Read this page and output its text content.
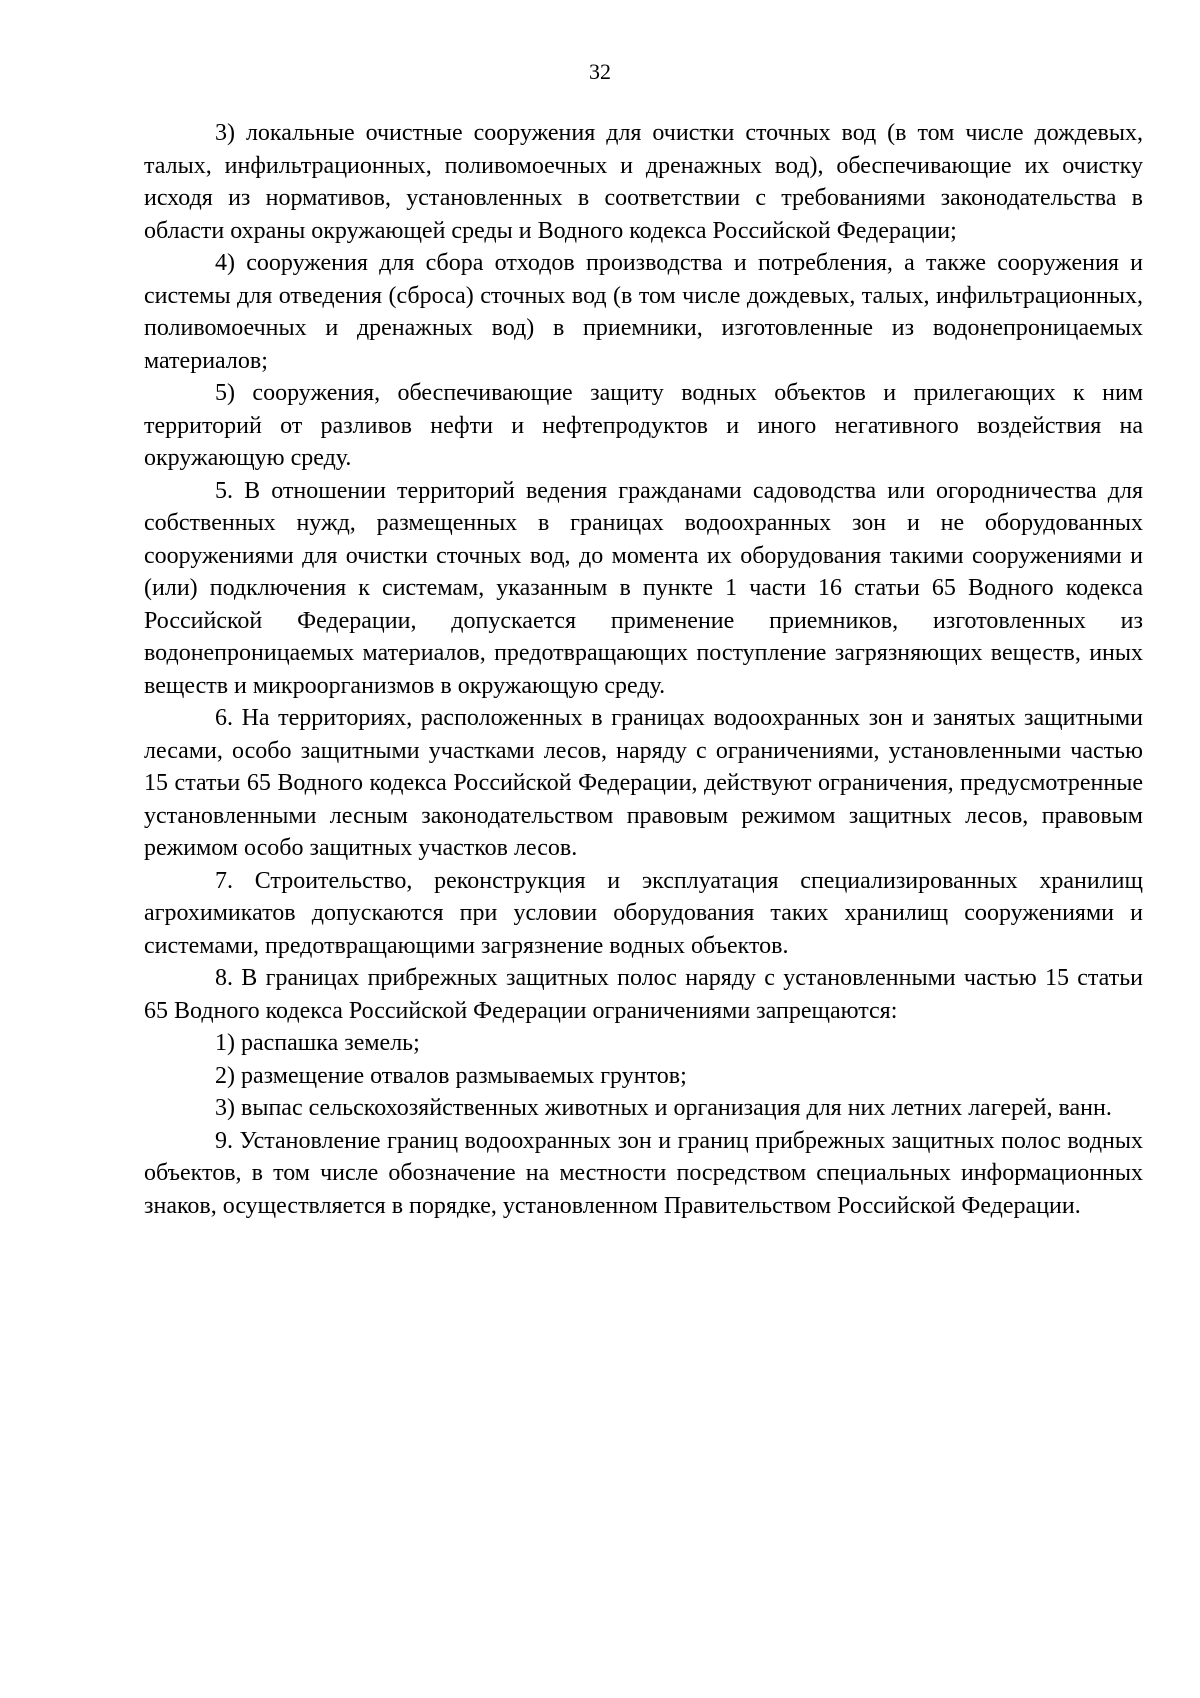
32

3) локальные очистные сооружения для очистки сточных вод (в том числе дождевых, талых, инфильтрационных, поливомоечных и дренажных вод), обеспечивающие их очистку исходя из нормативов, установленных в соответствии с требованиями законодательства в области охраны окружающей среды и Водного кодекса Российской Федерации;

4) сооружения для сбора отходов производства и потребления, а также сооружения и системы для отведения (сброса) сточных вод (в том числе дождевых, талых, инфильтрационных, поливомоечных и дренажных вод) в приемники, изготовленные из водонепроницаемых материалов;

5) сооружения, обеспечивающие защиту водных объектов и прилегающих к ним территорий от разливов нефти и нефтепродуктов и иного негативного воздействия на окружающую среду.

5. В отношении территорий ведения гражданами садоводства или огородничества для собственных нужд, размещенных в границах водоохранных зон и не оборудованных сооружениями для очистки сточных вод, до момента их оборудования такими сооружениями и (или) подключения к системам, указанным в пункте 1 части 16 статьи 65 Водного кодекса Российской Федерации, допускается применение приемников, изготовленных из водонепроницаемых материалов, предотвращающих поступление загрязняющих веществ, иных веществ и микроорганизмов в окружающую среду.

6. На территориях, расположенных в границах водоохранных зон и занятых защитными лесами, особо защитными участками лесов, наряду с ограничениями, установленными частью 15 статьи 65 Водного кодекса Российской Федерации, действуют ограничения, предусмотренные установленными лесным законодательством правовым режимом защитных лесов, правовым режимом особо защитных участков лесов.

7. Строительство, реконструкция и эксплуатация специализированных хранилищ агрохимикатов допускаются при условии оборудования таких хранилищ сооружениями и системами, предотвращающими загрязнение водных объектов.

8. В границах прибрежных защитных полос наряду с установленными частью 15 статьи 65 Водного кодекса Российской Федерации ограничениями запрещаются:

1) распашка земель;

2) размещение отвалов размываемых грунтов;

3) выпас сельскохозяйственных животных и организация для них летних лагерей, ванн.

9. Установление границ водоохранных зон и границ прибрежных защитных полос водных объектов, в том числе обозначение на местности посредством специальных информационных знаков, осуществляется в порядке, установленном Правительством Российской Федерации.
